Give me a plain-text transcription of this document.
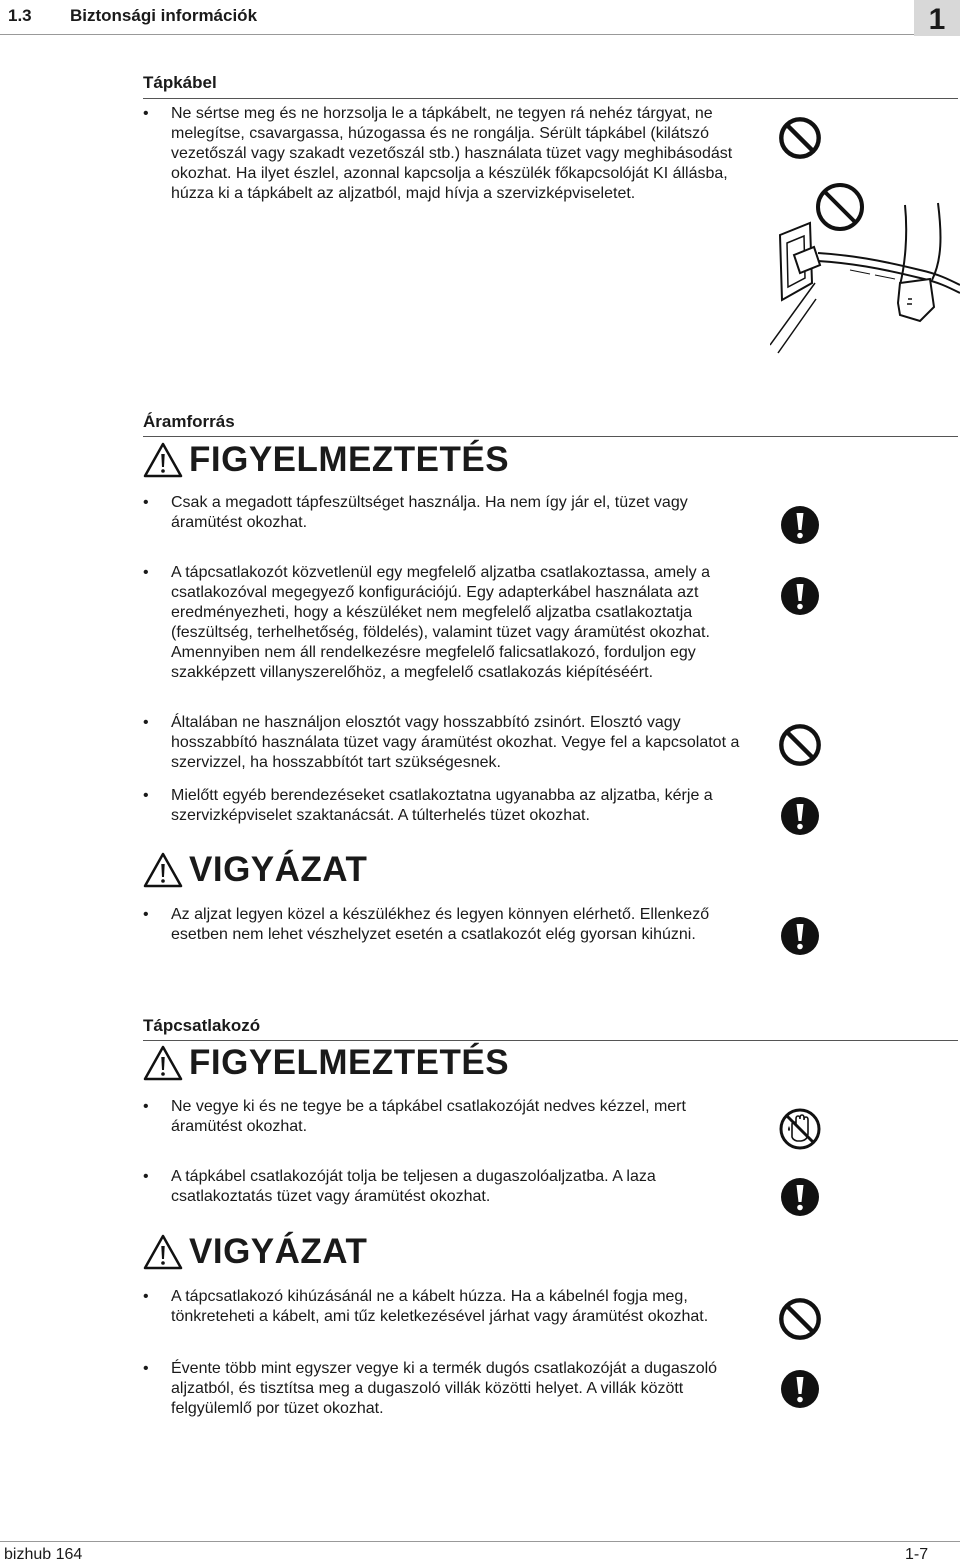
1.3 Biztonsági információk	1
Tápkábel
•	Ne sértse meg és ne horzsolja le a tápkábelt, ne tegyen rá nehéz tárgyat, ne melegítse, csavargassa, húzogassa és ne rongálja. Sérült tápkábel (kilátszó vezetőszál vagy szakadt vezetőszál stb.) használata tüzet vagy meghibásodást okozhat. Ha ilyet észlel, azonnal kapcsolja a készülék főkapcsolóját KI állásba, húzza ki a tápkábelt az aljzatból, majd hívja a szervizképviseletet.
Áramforrás
FIGYELMEZTETÉS
•	Csak a megadott tápfeszültséget használja. Ha nem így jár el, tüzet vagy áramütést okozhat.
•	A tápcsatlakozót közvetlenül egy megfelelő aljzatba csatlakoztassa, amely a csatlakozóval megegyező konfigurációjú. Egy adapterkábel használata azt eredményezheti, hogy a készüléket nem megfelelő aljzatba csatlakoztatja (feszültség, terhelhetőség, földelés), valamint tüzet vagy áramütést okozhat. Amennyiben nem áll rendelkezésre megfelelő falicsatlakozó, forduljon egy szakképzett villanyszerelőhöz, a megfelelő csatlakozás kiépítéséért.
•	Általában ne használjon elosztót vagy hosszabbító zsinórt. Elosztó vagy hosszabbító használata tüzet vagy áramütést okozhat. Vegye fel a kapcsolatot a szervizzel, ha hosszabbítót tart szükségesnek.
•	Mielőtt egyéb berendezéseket csatlakoztatna ugyanabba az aljzatba, kérje a szervizképviselet szaktanácsát. A túlterhelés tüzet okozhat.
VIGYÁZAT
•	Az aljzat legyen közel a készülékhez és legyen könnyen elérhető. Ellenkező esetben nem lehet vészhelyzet esetén a csatlakozót elég gyorsan kihúzni.
Tápcsatlakozó
FIGYELMEZTETÉS
•	Ne vegye ki és ne tegye be a tápkábel csatlakozóját nedves kézzel, mert áramütést okozhat.
•	A tápkábel csatlakozóját tolja be teljesen a dugaszolóaljzatba. A laza csatlakoztatás tüzet vagy áramütést okozhat.
VIGYÁZAT
•	A tápcsatlakozó kihúzásánál ne a kábelt húzza. Ha a kábelnél fogja meg, tönkreteheti a kábelt, ami tűz keletkezésével járhat vagy áramütést okozhat.
•	Évente több mint egyszer vegye ki a termék dugós csatlakozóját a dugaszoló aljzatból, és tisztítsa meg a dugaszoló villák közötti helyet. A villák között felgyülemlő por tüzet okozhat.
bizhub 164	1-7
